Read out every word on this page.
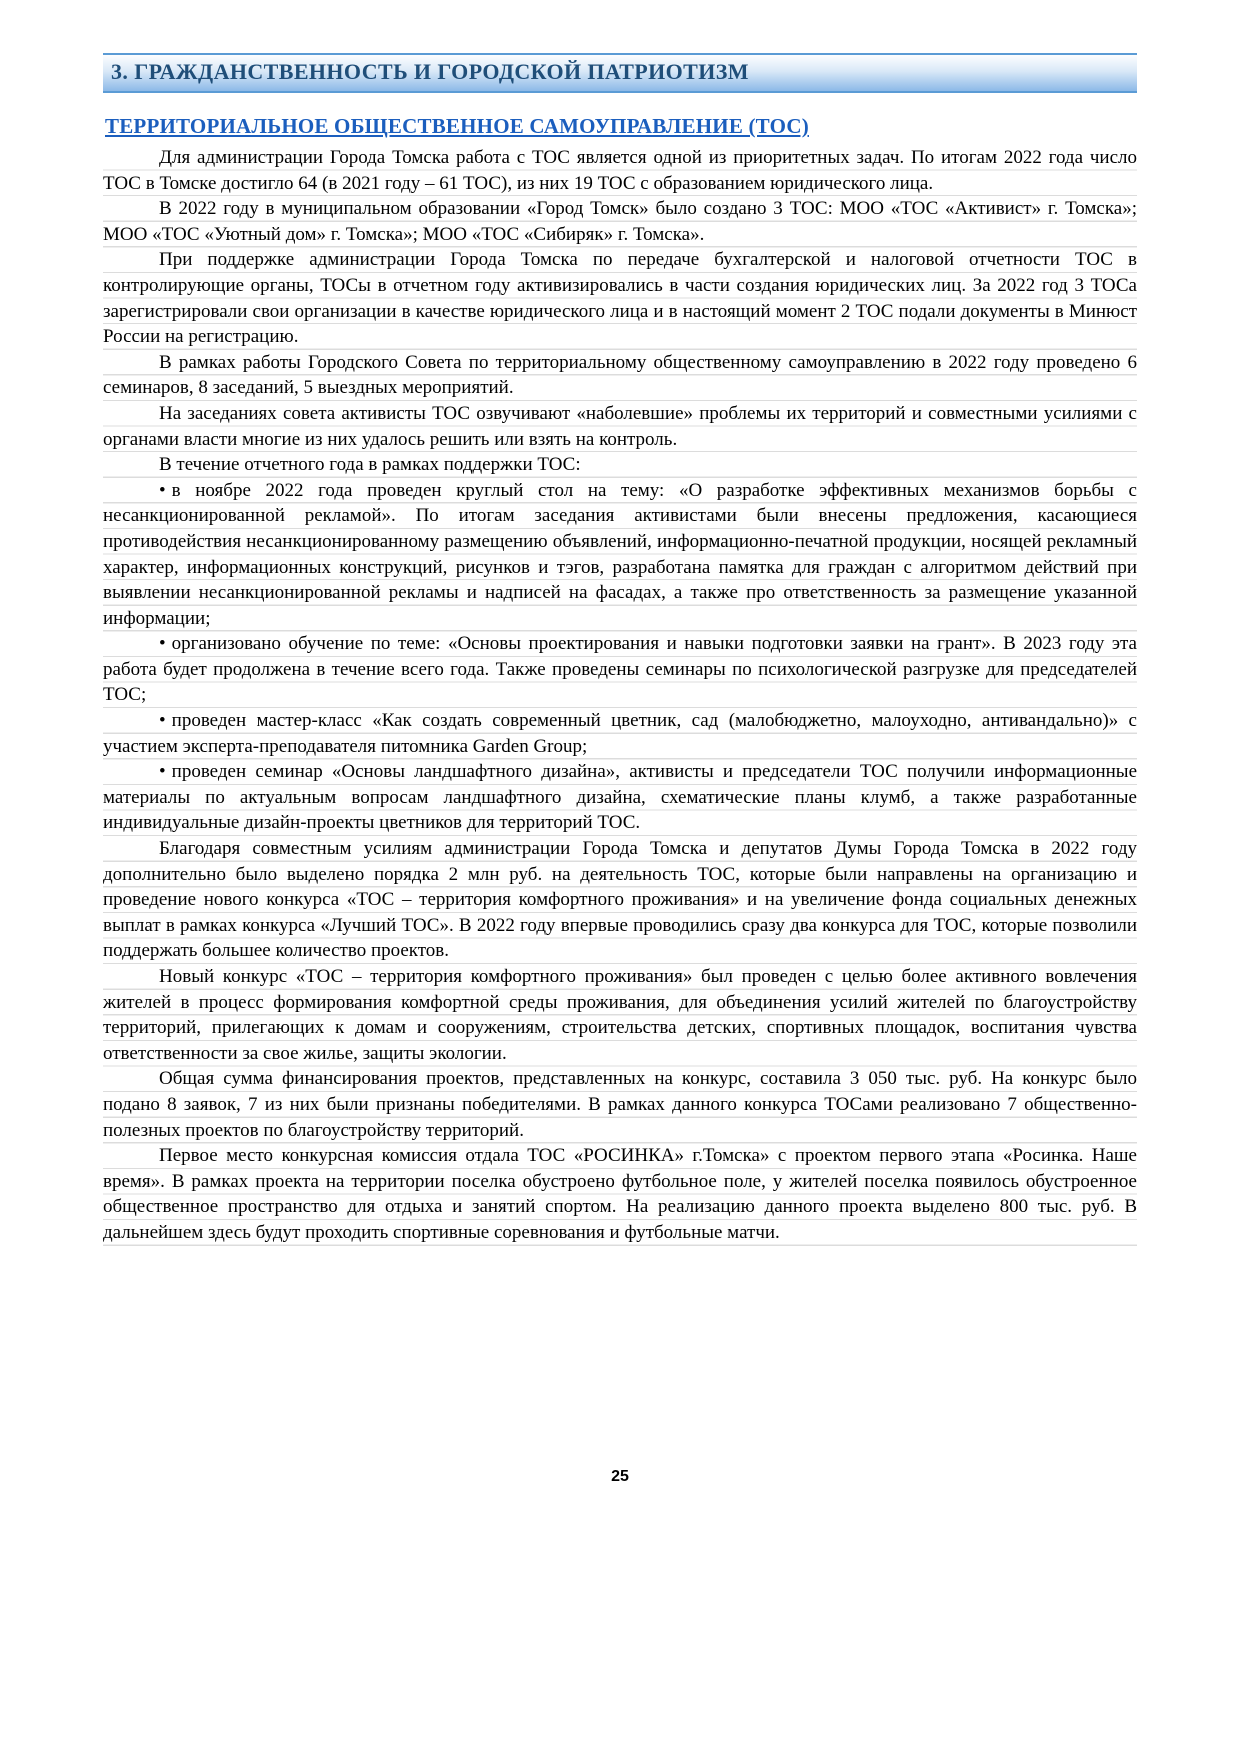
3. ГРАЖДАНСТВЕННОСТЬ И ГОРОДСКОЙ ПАТРИОТИЗМ
ТЕРРИТОРИАЛЬНОЕ ОБЩЕСТВЕННОЕ САМОУПРАВЛЕНИЕ (ТОС)

Для администрации Города Томска работа с ТОС является одной из приоритетных задач. По итогам 2022 года число ТОС в Томске достигло 64 (в 2021 году – 61 ТОС), из них 19 ТОС с образованием юридического лица.

В 2022 году в муниципальном образовании «Город Томск» было создано 3 ТОС: МОО «ТОС «Активист» г. Томска»; МОО «ТОС «Уютный дом» г. Томска»; МОО «ТОС «Сибиряк» г. Томска».

При поддержке администрации Города Томска по передаче бухгалтерской и налоговой отчетности ТОС в контролирующие органы, ТОСы в отчетном году активизировались в части создания юридических лиц. За 2022 год 3 ТОСа зарегистрировали свои организации в качестве юридического лица и в настоящий момент 2 ТОС подали документы в Минюст России на регистрацию.

В рамках работы Городского Совета по территориальному общественному самоуправлению в 2022 году проведено 6 семинаров, 8 заседаний, 5 выездных мероприятий.

На заседаниях совета активисты ТОС озвучивают «наболевшие» проблемы их территорий и совместными усилиями с органами власти многие из них удалось решить или взять на контроль.

В течение отчетного года в рамках поддержки ТОС:

• в ноябре 2022 года проведен круглый стол на тему: «О разработке эффективных механизмов борьбы с несанкционированной рекламой». По итогам заседания активистами были внесены предложения, касающиеся противодействия несанкционированному размещению объявлений, информационно-печатной продукции, носящей рекламный характер, информационных конструкций, рисунков и тэгов, разработана памятка для граждан с алгоритмом действий при выявлении несанкционированной рекламы и надписей на фасадах, а также про ответственность за размещение указанной информации;

• организовано обучение по теме: «Основы проектирования и навыки подготовки заявки на грант». В 2023 году эта работа будет продолжена в течение всего года. Также проведены семинары по психологической разгрузке для председателей ТОС;

• проведен мастер-класс «Как создать современный цветник, сад (малобюджетно, малоуходно, антивандально)» с участием эксперта-преподавателя питомника Garden Group;

• проведен семинар «Основы ландшафтного дизайна», активисты и председатели ТОС получили информационные материалы по актуальным вопросам ландшафтного дизайна, схематические планы клумб, а также разработанные индивидуальные дизайн-проекты цветников для территорий ТОС.

Благодаря совместным усилиям администрации Города Томска и депутатов Думы Города Томска в 2022 году дополнительно было выделено порядка 2 млн руб. на деятельность ТОС, которые были направлены на организацию и проведение нового конкурса «ТОС – территория комфортного проживания» и на увеличение фонда социальных денежных выплат в рамках конкурса «Лучший ТОС». В 2022 году впервые проводились сразу два конкурса для ТОС, которые позволили поддержать большее количество проектов.

Новый конкурс «ТОС – территория комфортного проживания» был проведен с целью более активного вовлечения жителей в процесс формирования комфортной среды проживания, для объединения усилий жителей по благоустройству территорий, прилегающих к домам и сооружениям, строительства детских, спортивных площадок, воспитания чувства ответственности за свое жилье, защиты экологии.

Общая сумма финансирования проектов, представленных на конкурс, составила 3 050 тыс. руб. На конкурс было подано 8 заявок, 7 из них были признаны победителями. В рамках данного конкурса ТОСами реализовано 7 общественно-полезных проектов по благоустройству территорий.

Первое место конкурсная комиссия отдала ТОС «РОСИНКА» г.Томска» с проектом первого этапа «Росинка. Наше время». В рамках проекта на территории поселка обустроено футбольное поле, у жителей поселка появилось обустроенное общественное пространство для отдыха и занятий спортом. На реализацию данного проекта выделено 800 тыс. руб. В дальнейшем здесь будут проходить спортивные соревнования и футбольные матчи.

25
